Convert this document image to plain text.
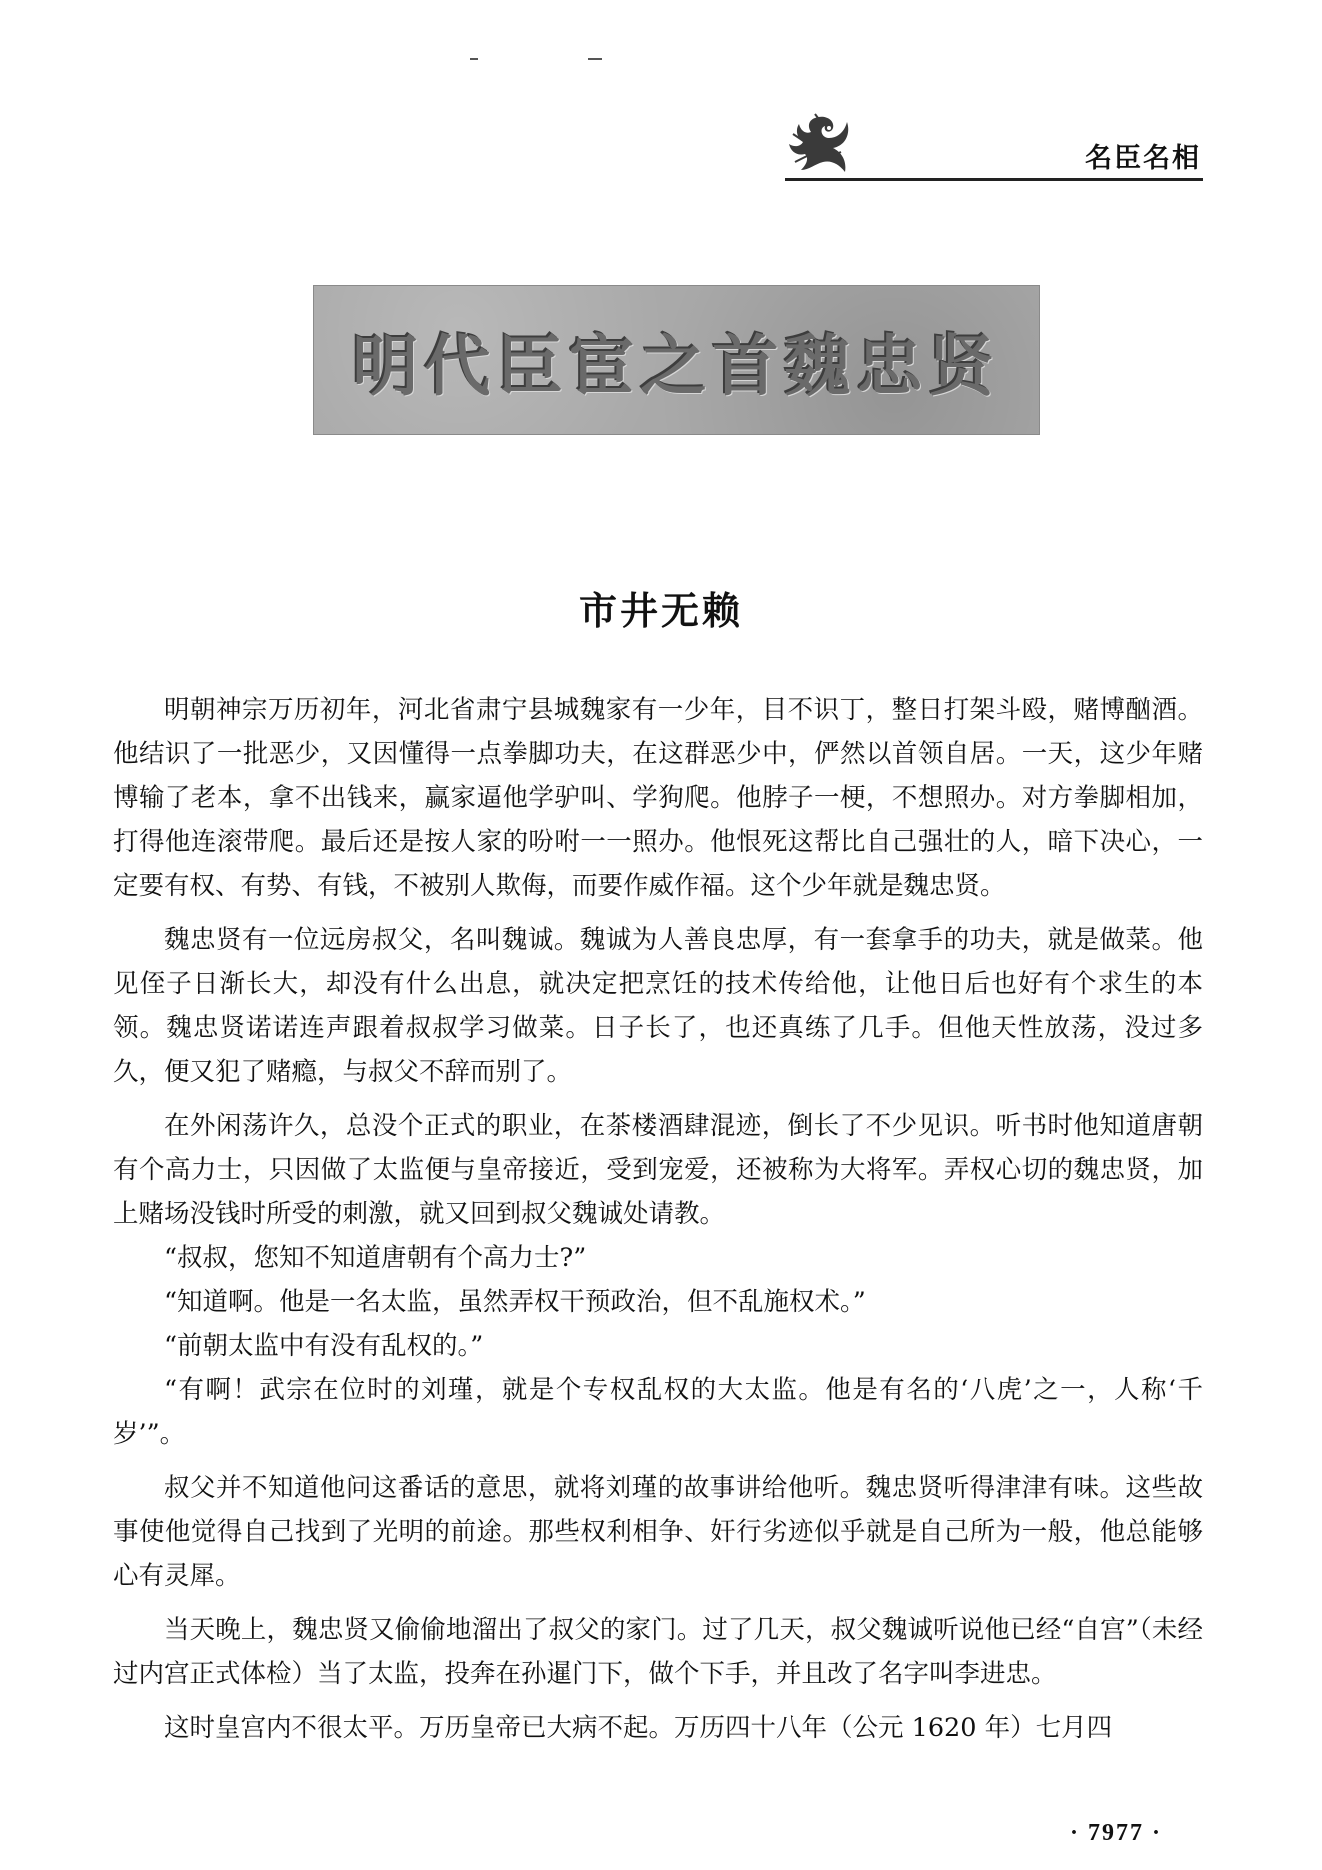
名臣名相
明代臣宦之首魏忠贤
市井无赖

明朝神宗万历初年，河北省肃宁县城魏家有一少年，目不识丁，整日打架斗殴，赌博酗酒。他结识了一批恶少，又因懂得一点拳脚功夫，在这群恶少中，俨然以首领自居。一天，这少年赌博输了老本，拿不出钱来，赢家逼他学驴叫、学狗爬。他脖子一梗，不想照办。对方拳脚相加，打得他连滚带爬。最后还是按人家的吩咐一一照办。他恨死这帮比自己强壮的人，暗下决心，一定要有权、有势、有钱，不被别人欺侮，而要作威作福。这个少年就是魏忠贤。

魏忠贤有一位远房叔父，名叫魏诚。魏诚为人善良忠厚，有一套拿手的功夫，就是做菜。他见侄子日渐长大，却没有什么出息，就决定把烹饪的技术传给他，让他日后也好有个求生的本领。魏忠贤诺诺连声跟着叔叔学习做菜。日子长了，也还真练了几手。但他天性放荡，没过多久，便又犯了赌瘾，与叔父不辞而别了。

在外闲荡许久，总没个正式的职业，在茶楼酒肆混迹，倒长了不少见识。听书时他知道唐朝有个高力士，只因做了太监便与皇帝接近，受到宠爱，还被称为大将军。弄权心切的魏忠贤，加上赌场没钱时所受的刺激，就又回到叔父魏诚处请教。

“叔叔，您知不知道唐朝有个高力士?”

“知道啊。他是一名太监，虽然弄权干预政治，但不乱施权术。”

“前朝太监中有没有乱权的。”

“有啊！武宗在位时的刘瑾，就是个专权乱权的大太监。他是有名的‘八虎’之一，人称‘千岁’”。

叔父并不知道他问这番话的意思，就将刘瑾的故事讲给他听。魏忠贤听得津津有味。这些故事使他觉得自己找到了光明的前途。那些权利相争、奸行劣迹似乎就是自己所为一般，他总能够心有灵犀。

当天晚上，魏忠贤又偷偷地溜出了叔父的家门。过了几天，叔父魏诚听说他已经“自宫”（未经过内宫正式体检）当了太监，投奔在孙暹门下，做个下手，并且改了名字叫李进忠。

这时皇宫内不很太平。万历皇帝已大病不起。万历四十八年（公元 1620 年）七月四

· 7977 ·
